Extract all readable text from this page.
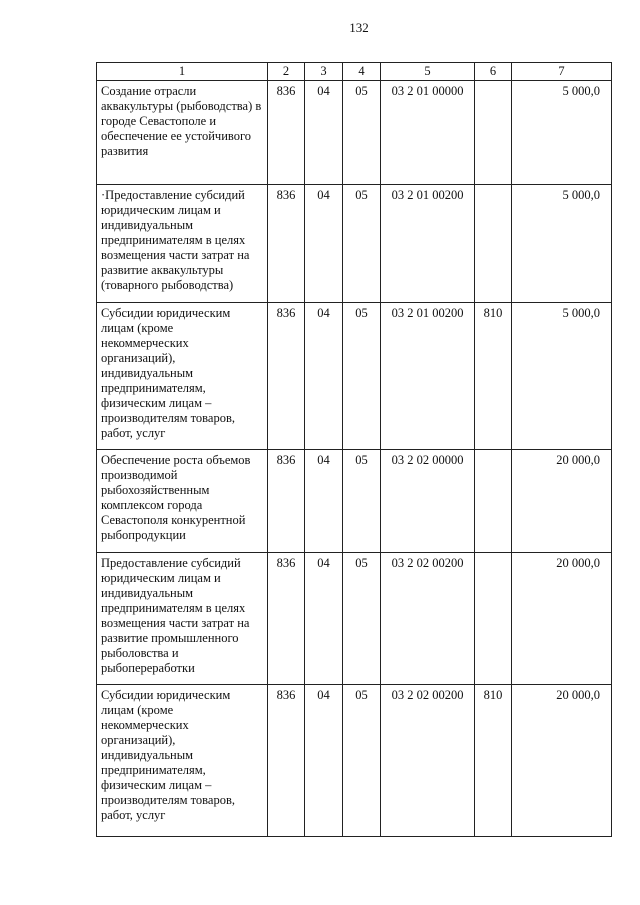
132
1	2	3	4	5	6	7
Создание отрасли аквакультуры (рыбоводства) в городе Севастополе и обеспечение ее устойчивого развития	836	04	05	03 2 01 00000		5 000,0
·Предоставление субсидий юридическим лицам и индивидуальным предпринимателям в целях возмещения части затрат на развитие аквакультуры (товарного рыбоводства)	836	04	05	03 2 01 00200		5 000,0
Субсидии юридическим лицам (кроме некоммерческих организаций), индивидуальным предпринимателям, физическим лицам – производителям товаров, работ, услуг	836	04	05	03 2 01 00200	810	5 000,0
Обеспечение роста объемов производимой рыбохозяйственным комплексом города Севастополя конкурентной рыбопродукции	836	04	05	03 2 02 00000		20 000,0
Предоставление субсидий юридическим лицам и индивидуальным предпринимателям в целях возмещения части затрат на развитие промышленного рыболовства и рыбопереработки	836	04	05	03 2 02 00200		20 000,0
Субсидии юридическим лицам (кроме некоммерческих организаций), индивидуальным предпринимателям, физическим лицам – производителям товаров, работ, услуг	836	04	05	03 2 02 00200	810	20 000,0
